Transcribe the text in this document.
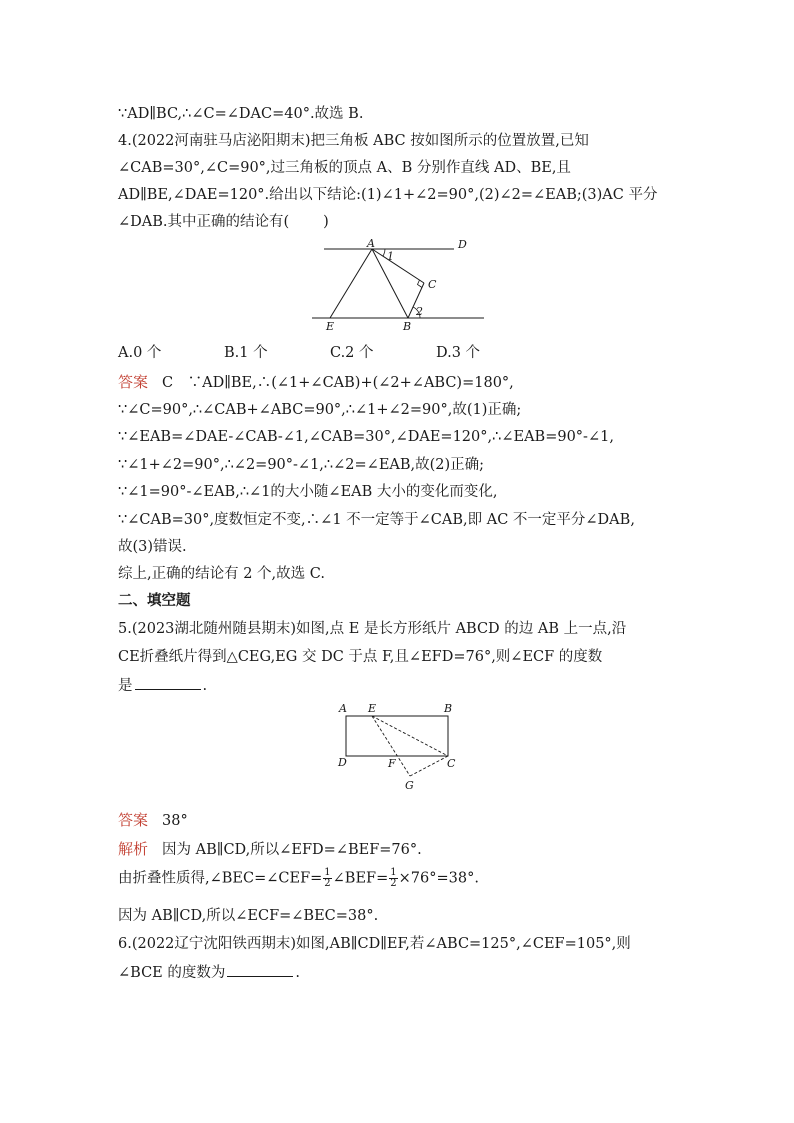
∵AD∥BC,∴∠C=∠DAC=40°.故选 B.
4.(2022河南驻马店泌阳期末)把三角板 ABC 按如图所示的位置放置,已知
∠CAB=30°,∠C=90°,过三角板的顶点 A、B 分别作直线 AD、BE,且
AD∥BE,∠DAE=120°.给出以下结论:(1)∠1+∠2=90°,(2)∠2=∠EAB;(3)AC 平分
∠DAB.其中正确的结论有( )
A	D
C
E	B
1
2
A.0 个	B.1 个	C.2 个	D.3 个
答案 C　∵AD∥BE,∴(∠1+∠CAB)+(∠2+∠ABC)=180°,
∵∠C=90°,∴∠CAB+∠ABC=90°,∴∠1+∠2=90°,故(1)正确;
∵∠EAB=∠DAE-∠CAB-∠1,∠CAB=30°,∠DAE=120°,∴∠EAB=90°-∠1,
∵∠1+∠2=90°,∴∠2=90°-∠1,∴∠2=∠EAB,故(2)正确;
∵∠1=90°-∠EAB,∴∠1的大小随∠EAB 大小的变化而变化,
∵∠CAB=30°,度数恒定不变,∴∠1 不一定等于∠CAB,即 AC 不一定平分∠DAB,
故(3)错误.
综上,正确的结论有 2 个,故选 C.
二、填空题
5.(2023湖北随州随县期末)如图,点 E 是长方形纸片 ABCD 的边 AB 上一点,沿
CE折叠纸片得到△CEG,EG 交 DC 于点 F,且∠EFD=76°,则∠ECF 的度数
是	.
A E	B
D	F	C
G
答案 38°
解析 因为 AB∥CD,所以∠EFD=∠BEF=76°.
由折叠性质得,∠BEC=∠CEF= $\frac{1}{2}$ ∠BEF= $\frac{1}{2} \times 76^\circ=38^\circ$.
因为 AB∥CD,所以∠ECF=∠BEC=38°.
6.(2022辽宁沈阳铁西期末)如图,AB∥CD∥EF,若∠ABC=125°,∠CEF=105°,则
∠BCE 的度数为	.
